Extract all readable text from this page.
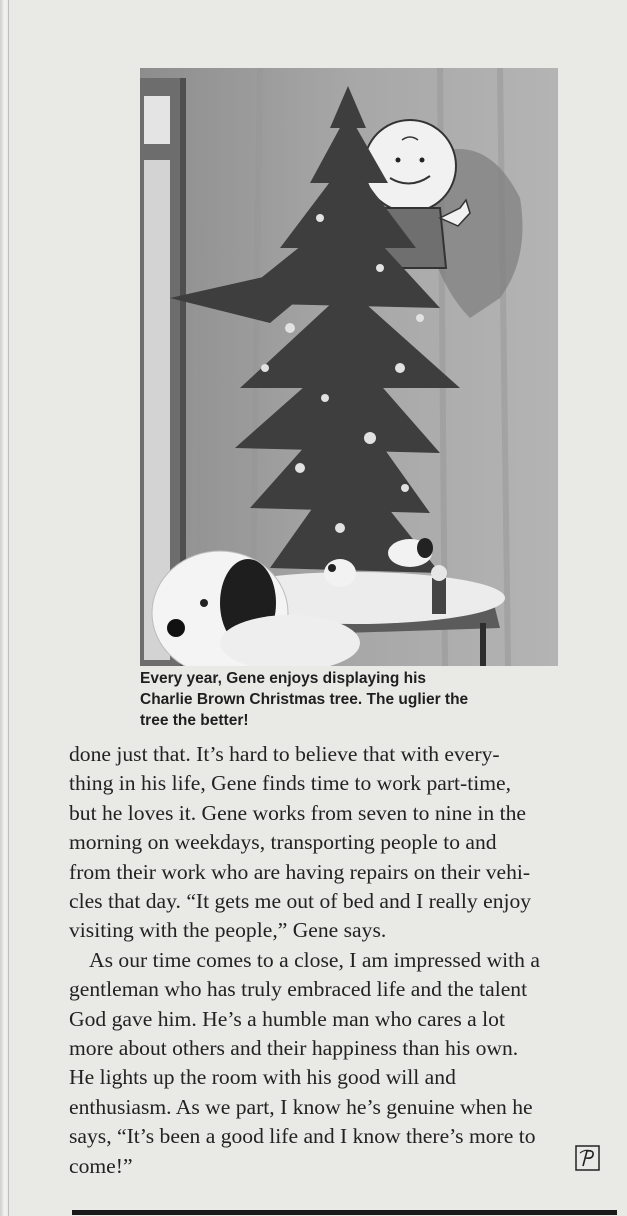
Every year, Gene enjoys displaying his
Charlie Brown Christmas tree. The uglier the
tree the better!
done just that. It’s hard to believe that with every-
thing in his life, Gene finds time to work part-time,
but he loves it. Gene works from seven to nine in the
morning on weekdays, transporting people to and
from their work who are having repairs on their vehi-
cles that day. “It gets me out of bed and I really enjoy
visiting with the people,” Gene says.
As our time comes to a close, I am impressed with a
gentleman who has truly embraced life and the talent
God gave him. He’s a humble man who cares a lot
more about others and their happiness than his own.
He lights up the room with his good will and
enthusiasm. As we part, I know he’s genuine when he
says, “It’s been a good life and I know there’s more to
come!”
